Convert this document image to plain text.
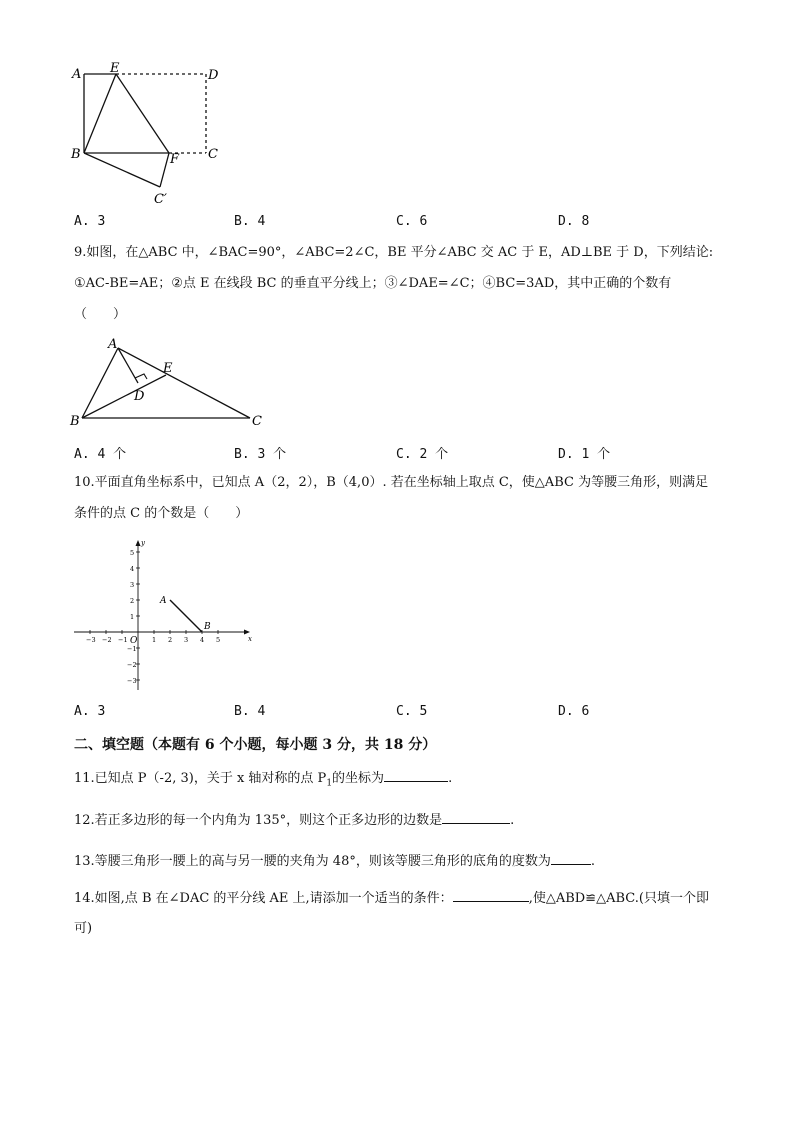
A E	D
B	F C
C′
A. 3	B. 4	C. 6	D. 8
9.如图，在△ABC 中，∠BAC=90°，∠ABC=2∠C，BE 平分∠ABC 交 AC 于 E，AD⊥BE 于 D，下列结论:
①AC-BE=AE；②点 E 在线段 BC 的垂直平分线上；③∠DAE=∠C；④BC=3AD，其中正确的个数有
（　　）
A
E
D
B	C
A. 4 个	B. 3 个	C. 2 个	D. 1 个
10.平面直角坐标系中，已知点 A（2，2），B（4,0）. 若在坐标轴上取点 C，使△ABC 为等腰三角形，则满足
条件的点 C 的个数是（　　）
−3 −2 −1	1 2 3 4 5
5
4
3
2
1
−1
−2
−3
x
y
O
A
B
A. 3	B. 4	C. 5	D. 6
二、填空题（本题有 6 个小题，每小题 3 分，共 18 分）
11.已知点 P（-2, 3)，关于 x 轴对称的点 $P_1$的坐标为	.
12.若正多边形的每一个内角为 135°，则这个正多边形的边数是	.
13.等腰三角形一腰上的高与另一腰的夹角为 48°，则该等腰三角形的底角的度数为	.
14.如图,点 B 在∠DAC 的平分线 AE 上,请添加一个适当的条件：	,使△ABD≌△ABC.(只填一个即
可)
